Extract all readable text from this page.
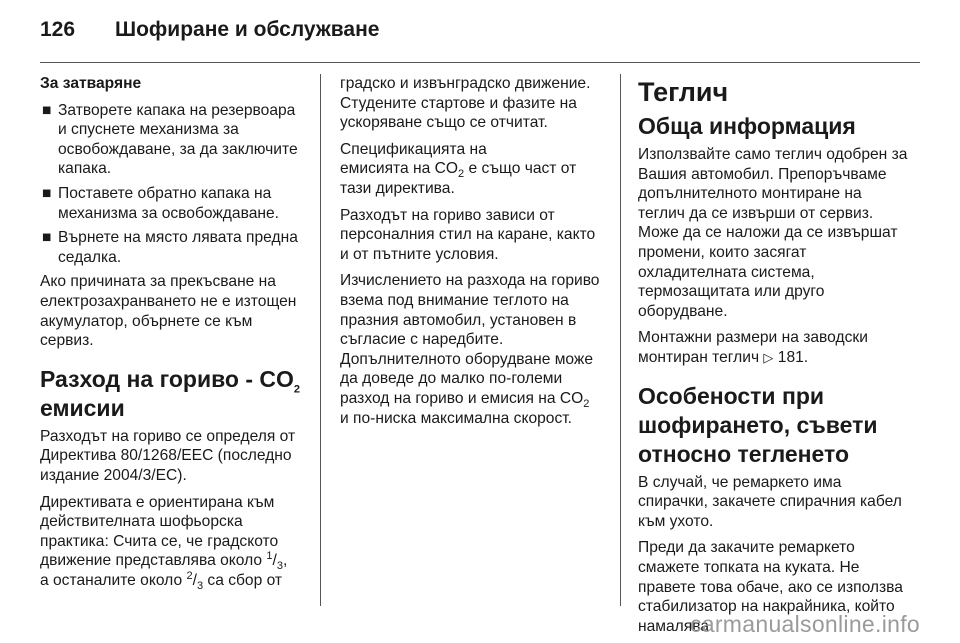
126 Шофиране и обслужване

За затваряне

■ Затворете капака на резервоара и спуснете механизма за освобождаване, за да заключите капака.
■ Поставете обратно капака на механизма за освобождаване.
■ Върнете на място лявата предна седалка.

Ако причината за прекъсване на електрозахранването не е изтощен акумулатор, обърнете се към сервиз.

Разход на гориво - $CO_2$
емисии

Разходът на гориво се определя от Директива 80/1268/ЕЕС (последно издание 2004/3/ЕС).

Директивата е ориентирана към действителната шофьорска практика: Счита се, че градското движение представлява около $^1/_3$,
а останалите около $^2/_3$ са сбор от

градско и извънградско движение. Студените стартове и фазите на ускоряване също се отчитат.

Спецификацията на
емисията на $CO_2$ е също част от
тази директива.

Разходът на гориво зависи от персоналния стил на каране, както и от пътните условия.

Изчислението на разхода на гориво взема под внимание теглото на празния автомобил, установен в съгласие с наредбите. Допълнителното оборудване може да доведе до малко по-големи разход на гориво и емисия на $CO_2$
и по-ниска максимална скорост.

Теглич
Обща информация

Използвайте само теглич одобрен за Вашия автомобил. Препоръчваме допълнителното монтиране на теглич да се извърши от сервиз. Може да се наложи да се извършат промени, които засягат охладителната система, термозащитата или друго оборудване.

Монтажни размери на заводски монтиран теглич ▷ 181.

Особености при шофирането, съвети относно тегленето

В случай, че ремаркето има спирачки, закачете спирачния кабел към ухото.

Преди да закачите ремаркето смажете топката на куката. Не правете това обаче, ако се използва стабилизатор на накрайника, който намалява

carmanualsonline.info
